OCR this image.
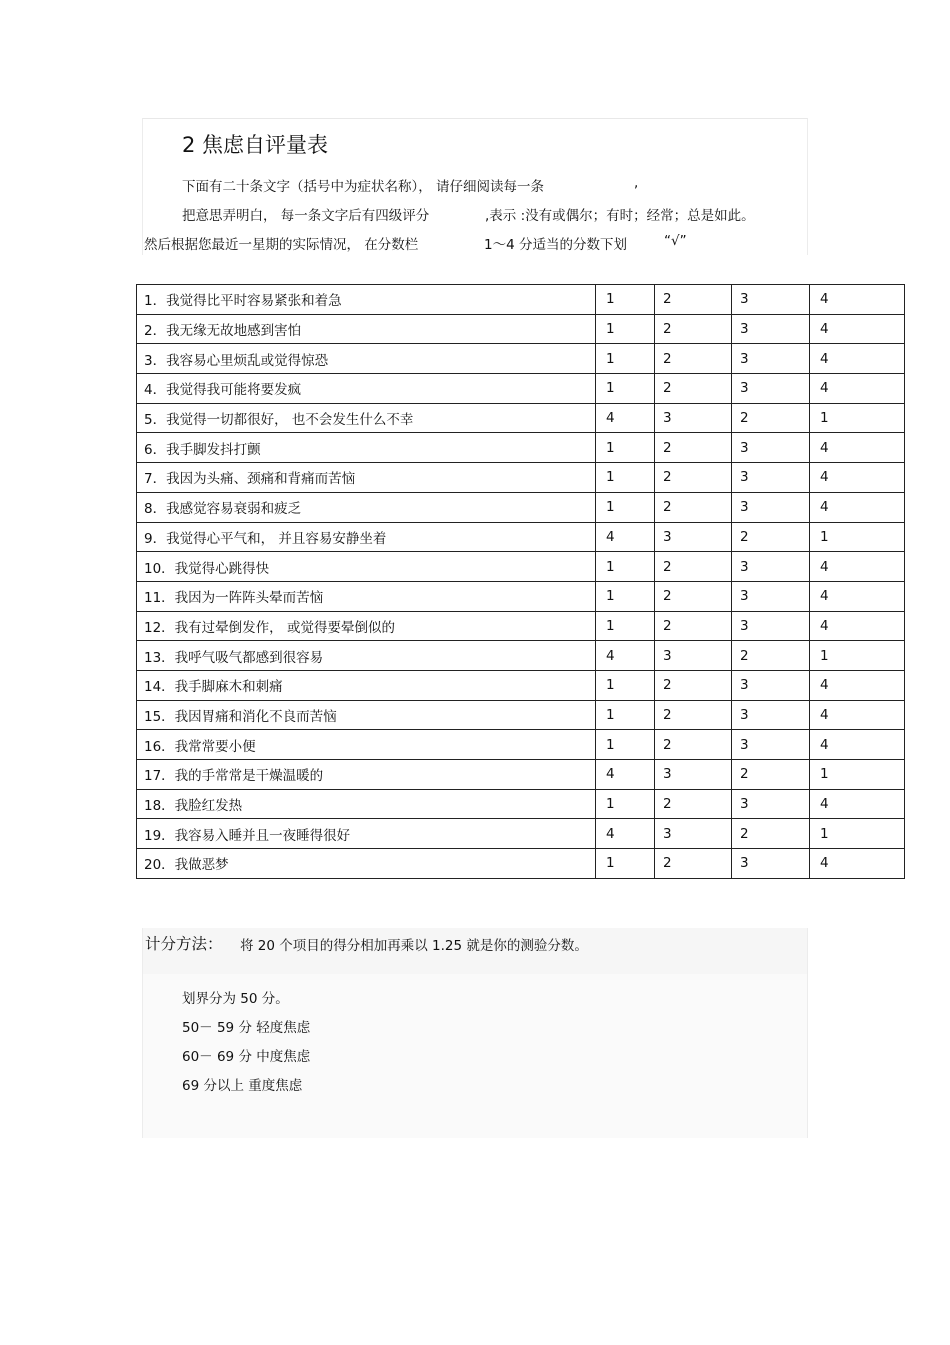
2 焦虑自评量表
下面有二十条文字（括号中为症状名称）， 请仔细阅读每一条	,
把意思弄明白， 每一条文字后有四级评分	,表示 :没有或偶尔；有时；经常；总是如此。
然后根据您最近一星期的实际情况， 在分数栏	1～4 分适当的分数下划	“√”
1．我觉得比平时容易紧张和着急	1	2	3	4
2．我无缘无故地感到害怕	1	2	3	4
3．我容易心里烦乱或觉得惊恐	1	2	3	4
4．我觉得我可能将要发疯	1	2	3	4
5．我觉得一切都很好， 也不会发生什么不幸	4	3	2	1
6．我手脚发抖打颤	1	2	3	4
7．我因为头痛、颈痛和背痛而苦恼	1	2	3	4
8．我感觉容易衰弱和疲乏	1	2	3	4
9．我觉得心平气和， 并且容易安静坐着	4	3	2	1
10．我觉得心跳得快	1	2	3	4
11．我因为一阵阵头晕而苦恼	1	2	3	4
12．我有过晕倒发作， 或觉得要晕倒似的	1	2	3	4
13．我呼气吸气都感到很容易	4	3	2	1
14．我手脚麻木和刺痛	1	2	3	4
15．我因胃痛和消化不良而苦恼	1	2	3	4
16．我常常要小便	1	2	3	4
17．我的手常常是干燥温暖的	4	3	2	1
18．我脸红发热	1	2	3	4
19．我容易入睡并且一夜睡得很好	4	3	2	1
20．我做恶梦	1	2	3	4
计分方法： 将 20 个项目的得分相加再乘以 1.25 就是你的测验分数。
划界分为 50 分。
50－ 59 分 轻度焦虑
60－ 69 分 中度焦虑
69 分以上 重度焦虑
